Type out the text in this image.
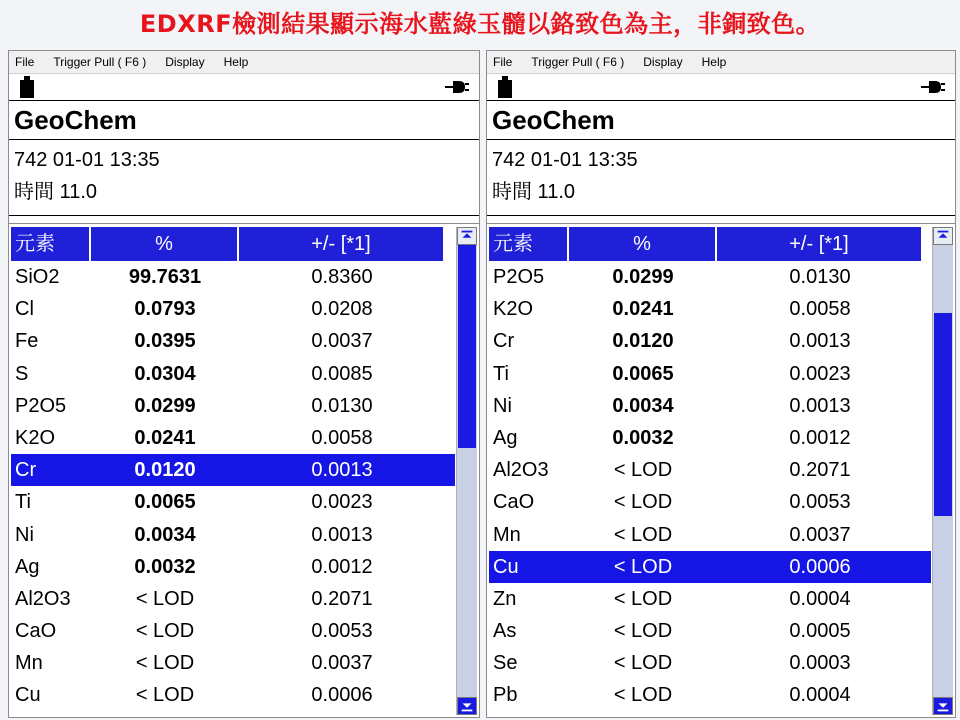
EDXRF檢測結果顯示海水藍綠玉髓以鉻致色為主，非銅致色。
File	Trigger Pull ( F6 )	Display	Help
GeoChem
742 01-01 13:35
時間 11.0
元素	%	+/- [*1]
SiO2	99.7631	0.8360
Cl	0.0793	0.0208
Fe	0.0395	0.0037
S	0.0304	0.0085
P2O5	0.0299	0.0130
K2O	0.0241	0.0058
Cr	0.0120	0.0013
Ti	0.0065	0.0023
Ni	0.0034	0.0013
Ag	0.0032	0.0012
Al2O3	< LOD	0.2071
CaO	< LOD	0.0053
Mn	< LOD	0.0037
Cu	< LOD	0.0006
File	Trigger Pull ( F6 )	Display	Help
GeoChem
742 01-01 13:35
時間 11.0
元素	%	+/- [*1]
P2O5	0.0299	0.0130
K2O	0.0241	0.0058
Cr	0.0120	0.0013
Ti	0.0065	0.0023
Ni	0.0034	0.0013
Ag	0.0032	0.0012
Al2O3	< LOD	0.2071
CaO	< LOD	0.0053
Mn	< LOD	0.0037
Cu	< LOD	0.0006
Zn	< LOD	0.0004
As	< LOD	0.0005
Se	< LOD	0.0003
Pb	< LOD	0.0004
